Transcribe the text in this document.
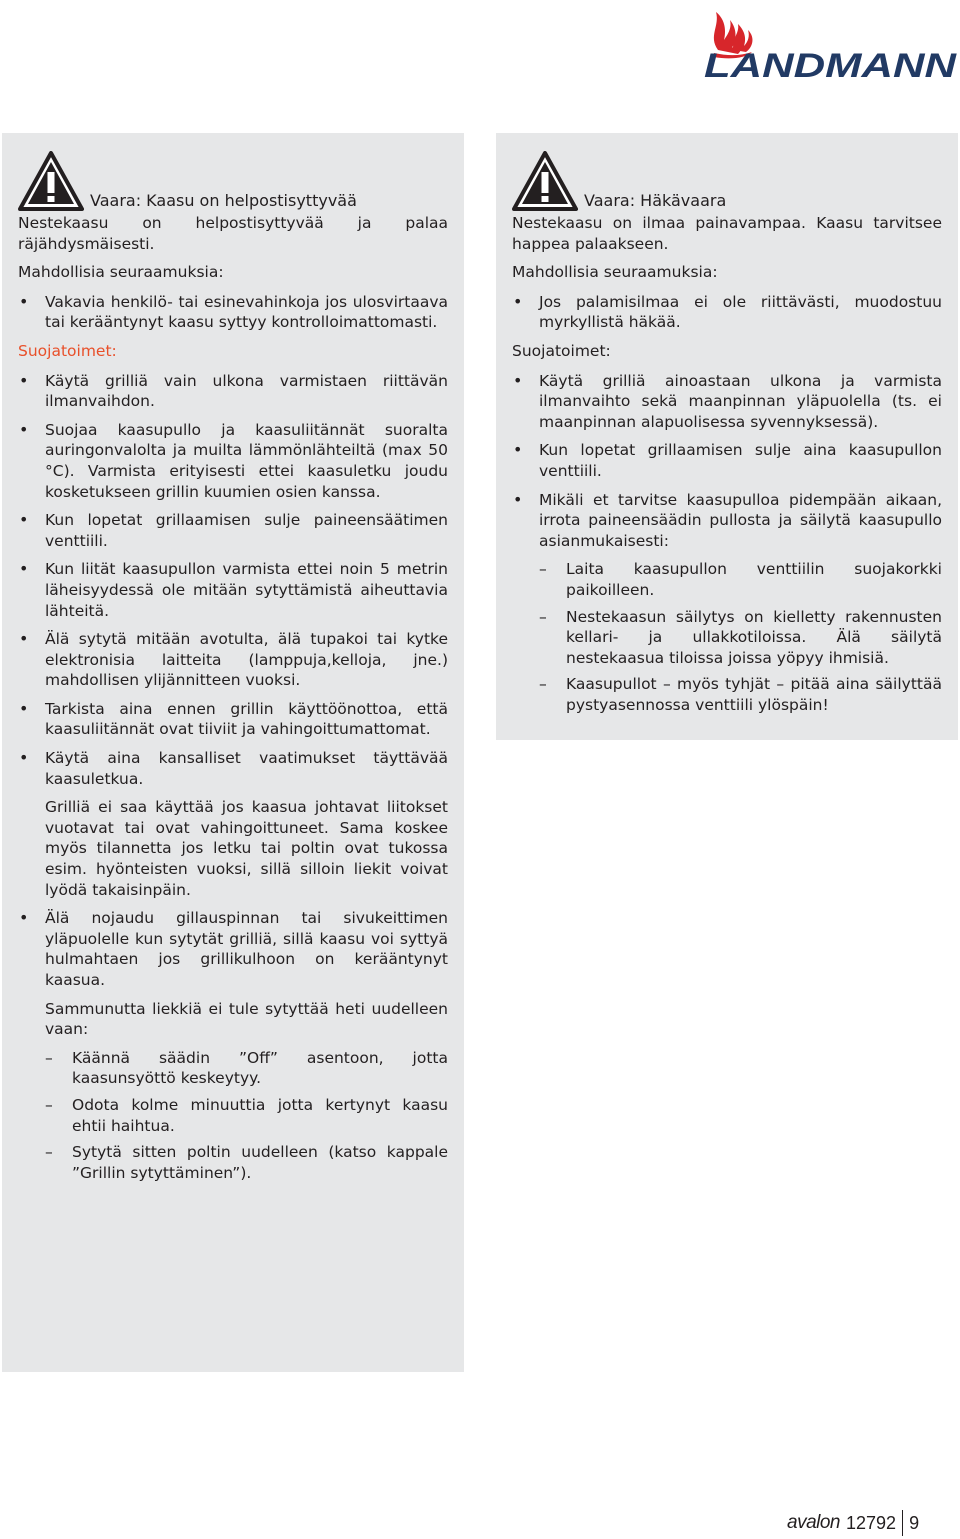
LANDMANN
Vaara: Kaasu on helpostisyttyvää

Nestekaasu on helpostisyttyvää ja palaa räjähdysmäisesti.

Mahdollisia seuraamuksia:
• Vakavia henkilö- tai esinevahinkoja jos ulosvirtaava tai kerääntynyt kaasu syttyy kontrolloimattomasti.
Suojatoimet:
• Käytä grilliä vain ulkona varmistaen riittävän ilmanvaihdon.
• Suojaa kaasupullo ja kaasuliitännät suoralta auringonvalolta ja muilta lämmönlähteiltä (max 50 °C). Varmista erityisesti ettei kaasuletku joudu kosketukseen grillin kuumien osien kanssa.
• Kun lopetat grillaamisen sulje paineensäätimen venttiili.
• Kun liität kaasupullon varmista ettei noin 5 metrin läheisyydessä ole mitään sytyttämistä aiheuttavia lähteitä.
• Älä sytytä mitään avotulta, älä tupakoi tai kytke elektronisia laitteita (lamppuja,kelloja, jne.) mahdollisen ylijännitteen vuoksi.
• Tarkista aina ennen grillin käyttöönottoa, että kaasuliitännät ovat tiiviit ja vahingoittumattomat.
• Käytä aina kansalliset vaatimukset täyttävää kaasuletkua.
Grilliä ei saa käyttää jos kaasua johtavat liitokset vuotavat tai ovat vahingoittuneet. Sama koskee myös tilannetta jos letku tai poltin ovat tukossa esim. hyönteisten vuoksi, sillä silloin liekit voivat lyödä takaisinpäin.
• Älä nojaudu gillauspinnan tai sivukeittimen yläpuolelle kun sytytät grilliä, sillä kaasu voi syttyä hulmahtaen jos grillikulhoon on kerääntynyt kaasua.
Sammunutta liekkiä ei tule sytyttää heti uudelleen vaan:
– Käännä säädin ”Off” asentoon, jotta kaasunsyöttö keskeytyy.
– Odota kolme minuuttia jotta kertynyt kaasu ehtii haihtua.
– Sytytä sitten poltin uudelleen (katso kappale ”Grillin sytyttäminen”).
Vaara: Häkävaara

Nestekaasu on ilmaa painavampaa. Kaasu tarvitsee happea palaakseen.

Mahdollisia seuraamuksia:
• Jos palamisilmaa ei ole riittävästi, muodostuu myrkyllistä häkää.
Suojatoimet:
• Käytä grilliä ainoastaan ulkona ja varmista ilmanvaihto sekä maanpinnan yläpuolella (ts. ei maanpinnan alapuolisessa syvennyksessä).
• Kun lopetat grillaamisen sulje aina kaasupullon venttiili.
• Mikäli et tarvitse kaasupulloa pidempään aikaan, irrota paineensäädin pullosta ja säilytä kaasupullo asianmukaisesti:
– Laita kaasupullon venttiilin suojakorkki paikoilleen.
– Nestekaasun säilytys on kielletty rakennusten kellari- ja ullakkotiloissa. Älä säilytä nestekaasua tiloissa joissa yöpyy ihmisiä.
– Kaasupullot – myös tyhjät – pitää aina säilyttää pystyasennossa venttiili ylöspäin!
avalon 12792 9
